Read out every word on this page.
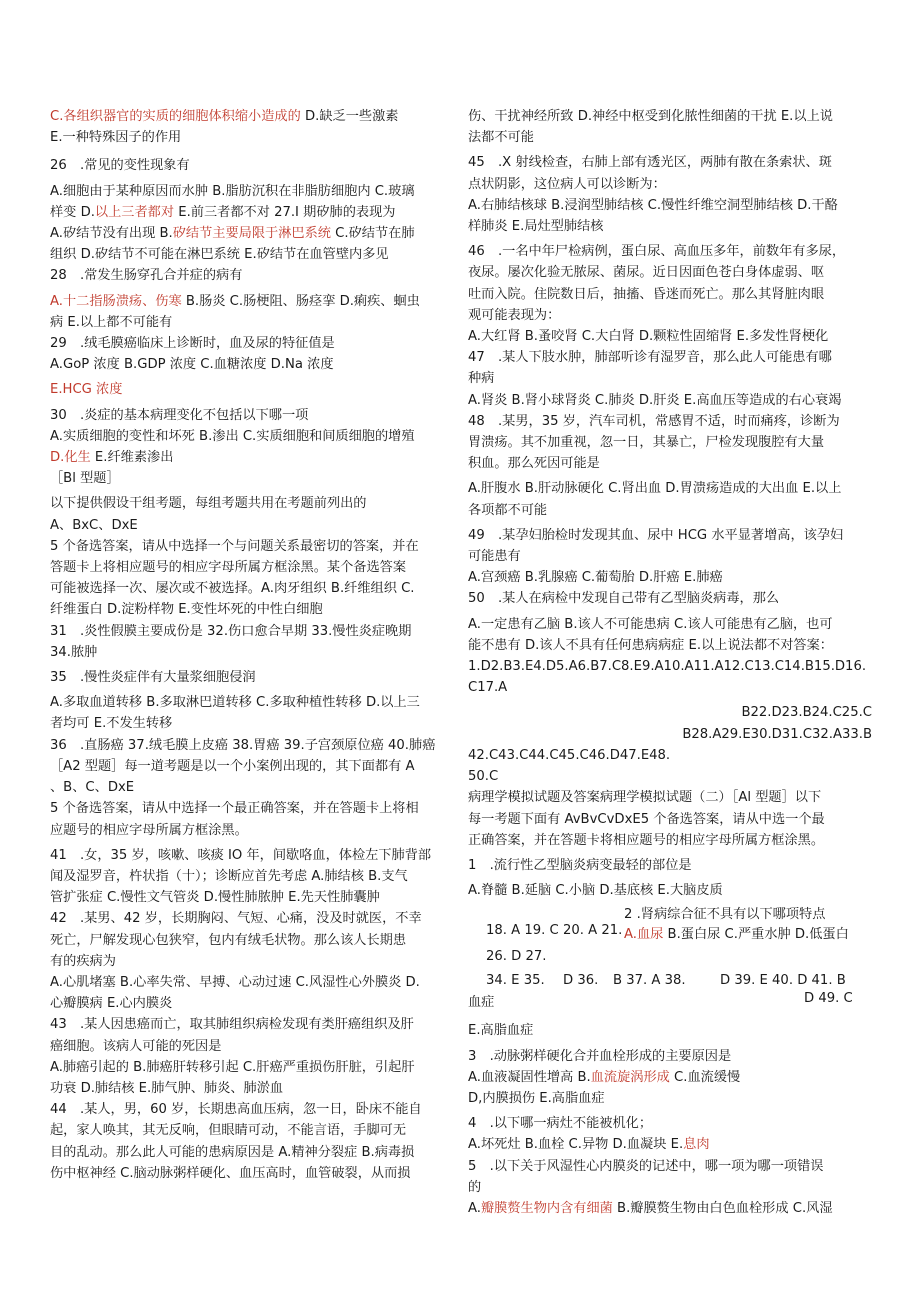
C.各组织器官的实质的细胞体积缩小造成的 D.缺乏一些激素
E.一种特殊因子的作用
26　.常见的变性现象有
A.细胞由于某种原因而水肿 B.脂肪沉积在非脂肪细胞内 C.玻璃
样变 D.以上三者都对 E.前三者都不对 27.I 期矽肺的表现为
A.矽结节没有出现 B.矽结节主要局限于淋巴系统 C.矽结节在肺
组织 D.矽结节不可能在淋巴系统 E.矽结节在血管壁内多见
28　.常发生肠穿孔合并症的病有
A.十二指肠溃疡、伤寒 B.肠炎 C.肠梗阻、肠痉挛 D.痢疾、蛔虫
病 E.以上都不可能有
29　.绒毛膜癌临床上诊断时，血及尿的特征值是
A.GoP 浓度 B.GDP 浓度 C.血糖浓度 D.Na 浓度
E.HCG 浓度
30　.炎症的基本病理变化不包括以下哪一项
A.实质细胞的变性和坏死 B.渗出 C.实质细胞和间质细胞的增殖
D.化生 E.纤维素渗出
［Bl 型题］
以下提供假设干组考题，每组考题共用在考题前列出的
A、BxC、DxE
5 个备选答案，请从中选择一个与问题关系最密切的答案，并在
答题卡上将相应题号的相应字母所属方框涂黑。某个备选答案
可能被选择一次、屡次或不被选择。A.肉牙组织 B.纤维组织 C.
纤维蛋白 D.淀粉样物 E.变性坏死的中性白细胞
31　.炎性假膜主要成份是 32.伤口愈合早期 33.慢性炎症晚期
34.脓肿
35　.慢性炎症伴有大量浆细胞侵润
A.多取血道转移 B.多取淋巴道转移 C.多取种植性转移 D.以上三
者均可 E.不发生转移
36　.直肠癌 37.绒毛膜上皮癌 38.胃癌 39.子宫颈原位癌 40.肺癌
［A2 型题］每一道考题是以一个小案例出现的，其下面都有 A
、B、C、DxE
5 个备选答案，请从中选择一个最正确答案，并在答题卡上将相
应题号的相应字母所属方框涂黑。
41　.女，35 岁，咳嗽、咳痰 IO 年，间歇咯血，体检左下肺背部
闻及湿罗音，杵状指（十）；诊断应首先考虑 A.肺结核 B.支气
管扩张症 C.慢性文气管炎 D.慢性肺脓肿 E.先天性肺囊肿
42　.某男、42 岁，长期胸闷、气短、心痛，没及时就医，不幸
死亡，尸解发现心包狭窄，包内有绒毛状物。那么该人长期患
有的疾病为
A.心肌堵塞 B.心率失常、早搏、心动过速 C.风湿性心外膜炎 D.
心瓣膜病 E.心内膜炎
43　.某人因患癌而亡，取其肺组织病检发现有类肝癌组织及肝
癌细胞。该病人可能的死因是
A.肺癌引起的 B.肺癌肝转移引起 C.肝癌严重损伤肝脏，引起肝
功衰 D.肺结核 E.肺气肿、肺炎、肺淤血
44　.某人，男，60 岁，长期患高血压病，忽一日，卧床不能自
起，家人唤其，其无反响，但眼睛可动，不能言语，手脚可无
目的乱动。那么此人可能的患病原因是 A.精神分裂症 B.病毒损
伤中枢神经 C.脑动脉粥样硬化、血压高时，血管破裂，从而损
伤、干扰神经所致 D.神经中枢受到化脓性细菌的干扰 E.以上说
法都不可能
45　.X 射线检查，右肺上部有透光区，两肺有散在条索状、斑
点状阴影，这位病人可以诊断为：
A.右肺结核球 B.浸润型肺结核 C.慢性纤维空洞型肺结核 D.干酪
样肺炎 E.局灶型肺结核
46　.一名中年尸检病例，蛋白尿、高血压多年，前数年有多尿，
夜尿。屡次化验无脓尿、菌尿。近日因面色苍白身体虚弱、呕
吐而入院。住院数日后，抽搐、昏迷而死亡。那么其肾脏肉眼
观可能表现为：
A.大红肾 B.蚤咬肾 C.大白肾 D.颗粒性固缩肾 E.多发性肾梗化
47　.某人下肢水肿，肺部听诊有湿罗音，那么此人可能患有哪
种病
A.肾炎 B.肾小球肾炎 C.肺炎 D.肝炎 E.高血压等造成的右心衰竭
48　.某男，35 岁，汽车司机，常感胃不适，时而痛疼，诊断为
胃溃疡。其不加重视，忽一日，其暴亡，尸检发现腹腔有大量
积血。那么死因可能是
A.肝腹水 B.肝动脉硬化 C.肾出血 D.胃溃疡造成的大出血 E.以上
各项都不可能
49　.某孕妇胎检时发现其血、尿中 HCG 水平显著增高，该孕妇
可能患有
A.宫颈癌 B.乳腺癌 C.葡萄胎 D.肝癌 E.肺癌
50　.某人在病检中发现自己带有乙型脑炎病毒，那么
A.一定患有乙脑 B.该人不可能患病 C.该人可能患有乙脑，也可
能不患有 D.该人不具有任何患病病症 E.以上说法都不对答案：
1.D2.B3.E4.D5.A6.B7.C8.E9.A10.A11.A12.C13.C14.B15.D16.
C17.A
B22.D23.B24.C25.C
B28.A29.E30.D31.C32.A33.B
42.C43.C44.C45.C46.D47.E48.
50.C
病理学模拟试题及答案病理学模拟试题（二）［Al 型题］以下
每一考题下面有 AvBvCvDxE5 个备选答案，请从中选一个最
正确答案，并在答题卡将相应题号的相应字母所属方框涂黑。
1　.流行性乙型脑炎病变最轻的部位是
A.脊髓 B.延脑 C.小脑 D.基底核 E.大脑皮质
2 .肾病综合征不具有以下哪项特点
18. A 19. C 20. A 21. A.血尿 B.蛋白尿 C.严重水肿 D.低蛋白
26. D 27.
34. E 35. D 36. B 37. A 38.	D 39. E 40. D 41. B
血症	D 49. C
E.高脂血症
3　.动脉粥样硬化合并血栓形成的主要原因是
A.血液凝固性增高 B.血流旋涡形成 C.血流缓慢
D,内膜损伤 E.高脂血症
4　.以下哪一病灶不能被机化；
A.坏死灶 B.血栓 C.异物 D.血凝块 E.息肉
5　.以下关于风湿性心内膜炎的记述中，哪一项为哪一项错误
的
A.瓣膜赘生物内含有细菌 B.瓣膜赘生物由白色血栓形成 C.风湿
